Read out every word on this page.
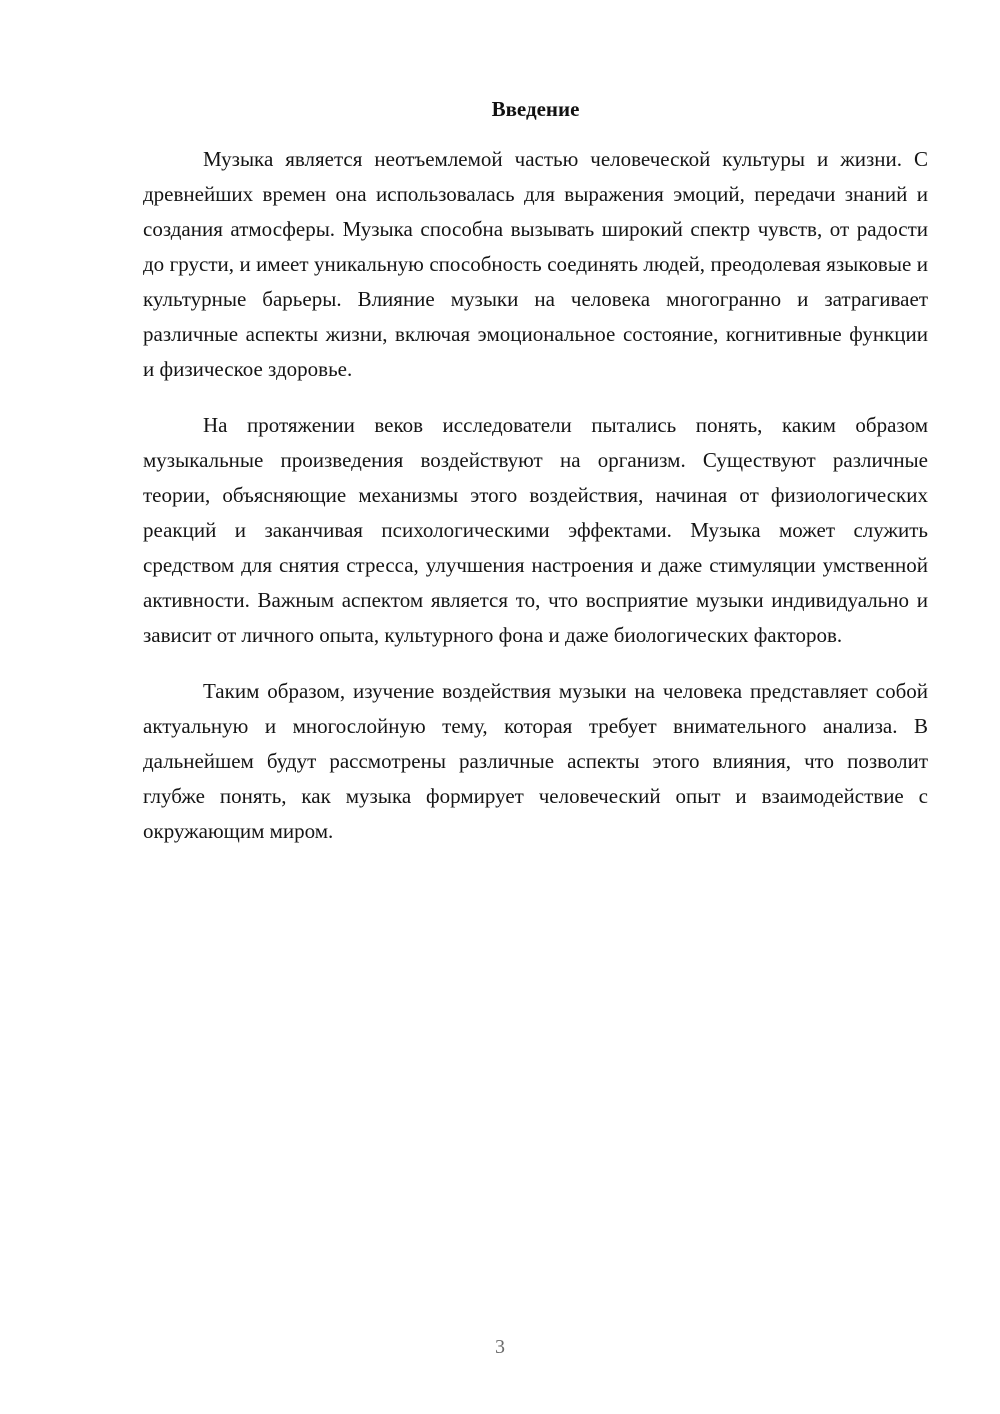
Введение

Музыка является неотъемлемой частью человеческой культуры и жизни. С древнейших времен она использовалась для выражения эмоций, передачи знаний и создания атмосферы. Музыка способна вызывать широкий спектр чувств, от радости до грусти, и имеет уникальную способность соединять людей, преодолевая языковые и культурные барьеры. Влияние музыки на человека многогранно и затрагивает различные аспекты жизни, включая эмоциональное состояние, когнитивные функции и физическое здоровье.

На протяжении веков исследователи пытались понять, каким образом музыкальные произведения воздействуют на организм. Существуют различные теории, объясняющие механизмы этого воздействия, начиная от физиологических реакций и заканчивая психологическими эффектами. Музыка может служить средством для снятия стресса, улучшения настроения и даже стимуляции умственной активности. Важным аспектом является то, что восприятие музыки индивидуально и зависит от личного опыта, культурного фона и даже биологических факторов.

Таким образом, изучение воздействия музыки на человека представляет собой актуальную и многослойную тему, которая требует внимательного анализа. В дальнейшем будут рассмотрены различные аспекты этого влияния, что позволит глубже понять, как музыка формирует человеческий опыт и взаимодействие с окружающим миром.

3
